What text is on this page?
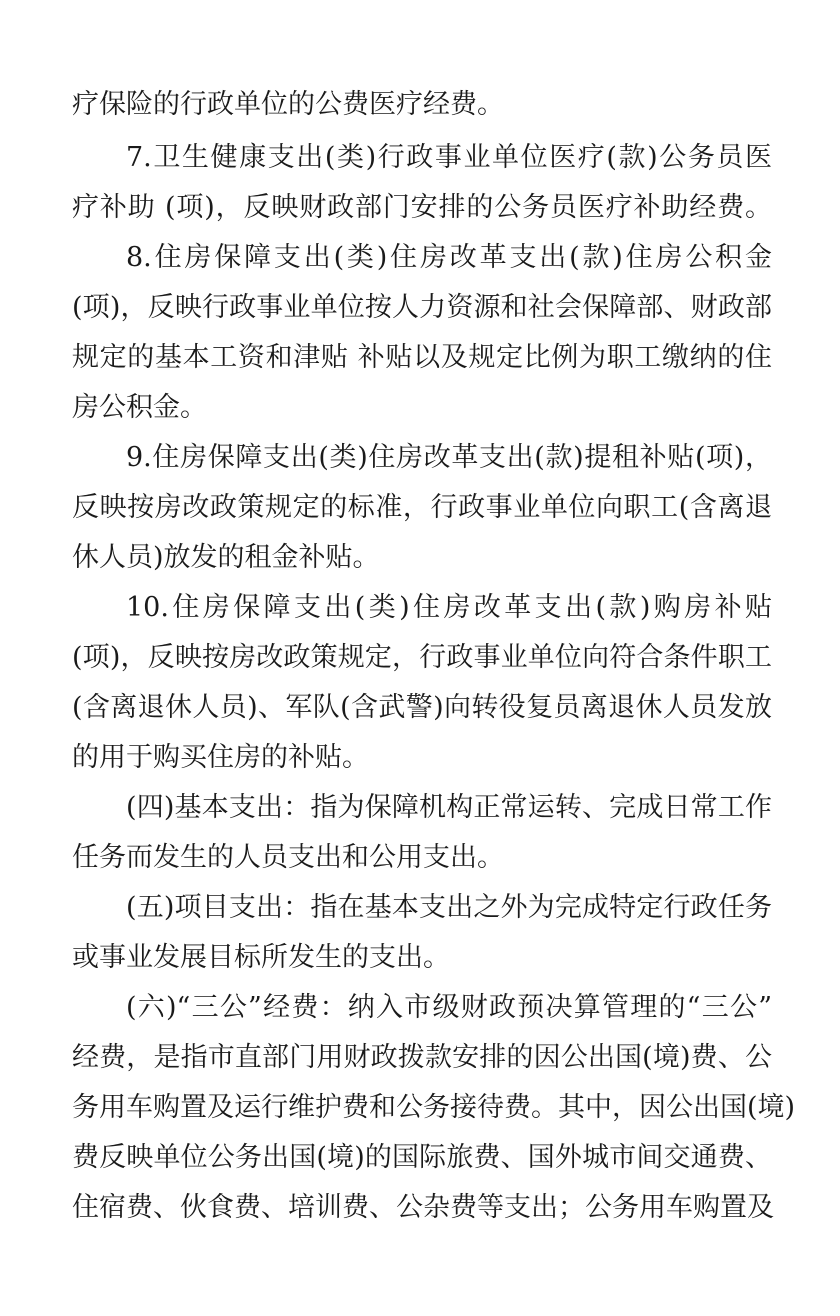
疗保险的行政单位的公费医疗经费。

7.卫生健康支出(类)行政事业单位医疗(款)公务员医

疗补助 (项)，反映财政部门安排的公务员医疗补助经费。

8.住房保障支出(类)住房改革支出(款)住房公积金

(项)，反映行政事业单位按人力资源和社会保障部、财政部

规定的基本工资和津贴 补贴以及规定比例为职工缴纳的住

房公积金。

9.住房保障支出(类)住房改革支出(款)提租补贴(项)，

反映按房改政策规定的标准，行政事业单位向职工(含离退

休人员)放发的租金补贴。

10.住房保障支出(类)住房改革支出(款)购房补贴

(项)，反映按房改政策规定，行政事业单位向符合条件职工

(含离退休人员)、军队(含武警)向转役复员离退休人员发放

的用于购买住房的补贴。

(四)基本支出：指为保障机构正常运转、完成日常工作

任务而发生的人员支出和公用支出。

(五)项目支出：指在基本支出之外为完成特定行政任务

或事业发展目标所发生的支出。

(六)“三公”经费：纳入市级财政预决算管理的“三公”

经费，是指市直部门用财政拨款安排的因公出国(境)费、公

务用车购置及运行维护费和公务接待费。其中，因公出国(境)

费反映单位公务出国(境)的国际旅费、国外城市间交通费、

住宿费、伙食费、培训费、公杂费等支出；公务用车购置及
